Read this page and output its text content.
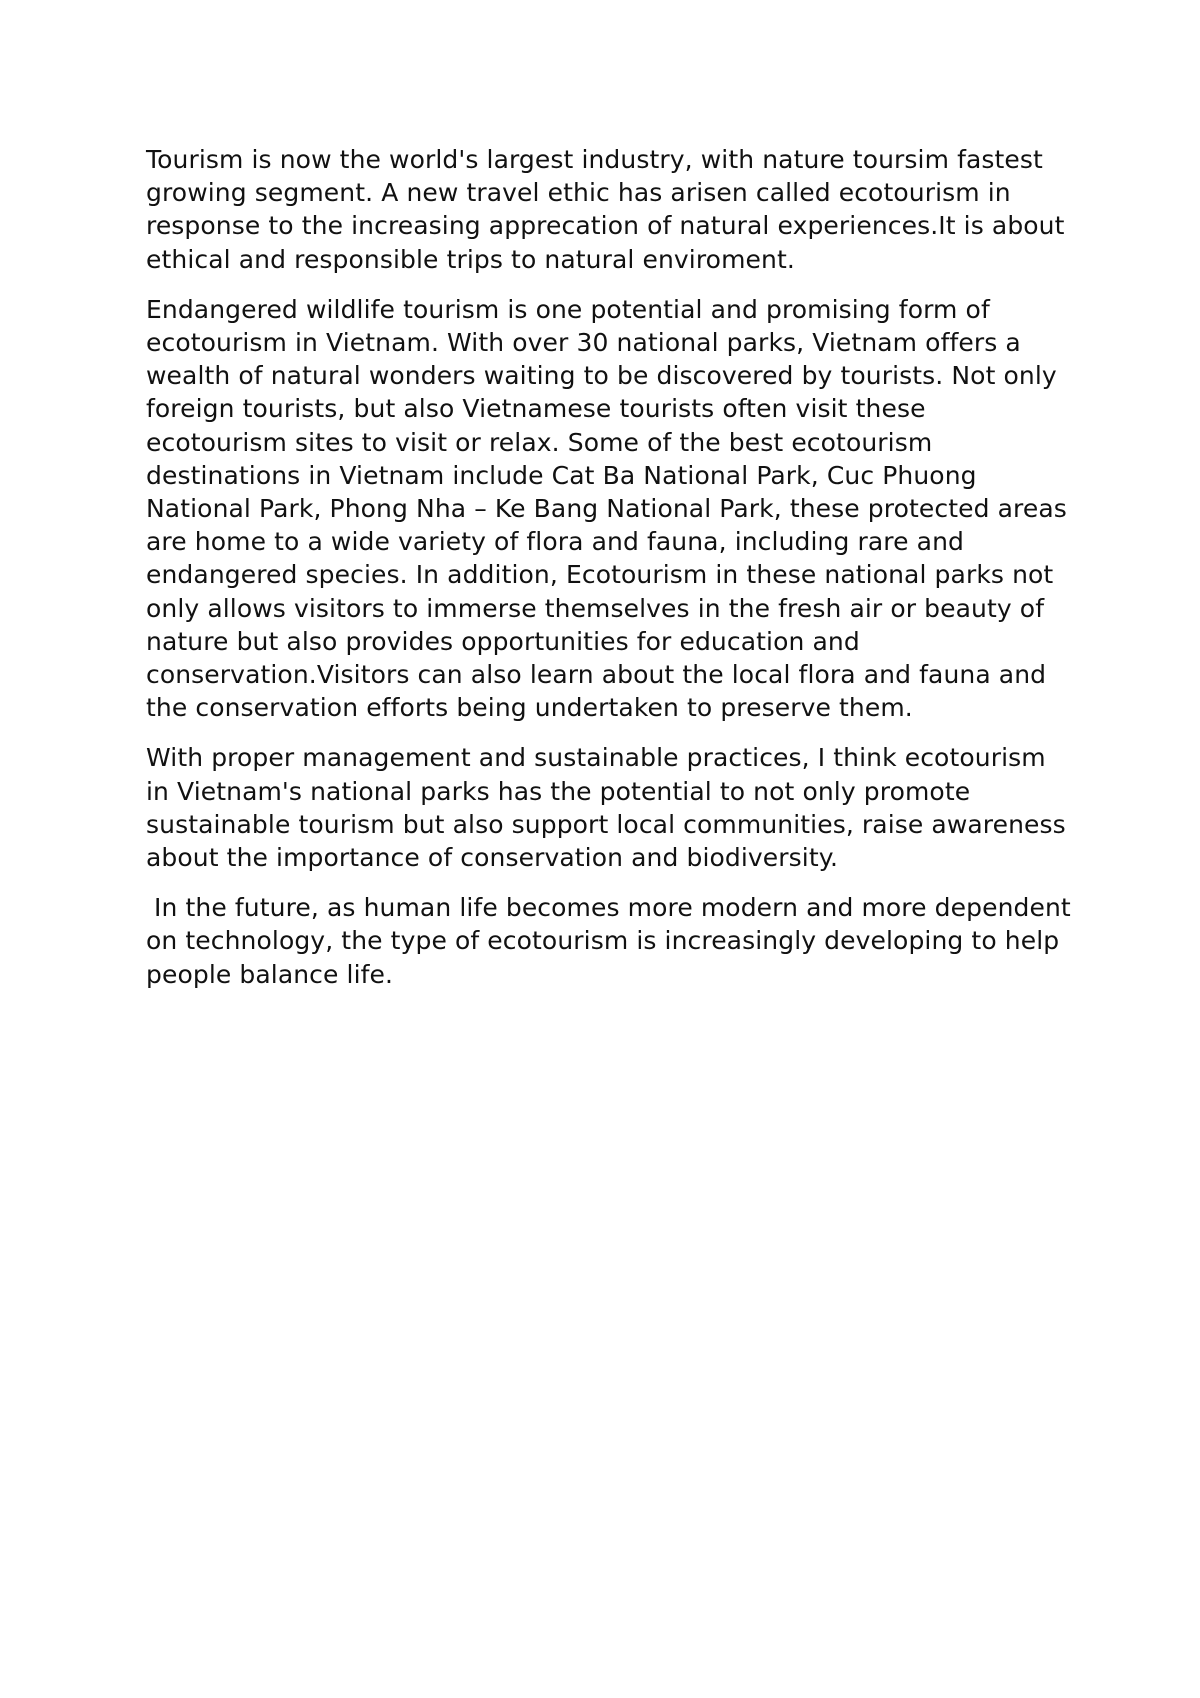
Tourism is now the world's largest industry, with nature toursim fastest growing segment. A new travel ethic has arisen called ecotourism in response to the increasing apprecation of natural experiences.It is about ethical and responsible trips to natural enviroment.

Endangered wildlife tourism is one potential and promising form of ecotourism in Vietnam. With over 30 national parks, Vietnam offers a wealth of natural wonders waiting to be discovered by tourists. Not only foreign tourists, but also Vietnamese tourists often visit these ecotourism sites to visit or relax. Some of the best ecotourism destinations in Vietnam include Cat Ba National Park, Cuc Phuong National Park, Phong Nha – Ke Bang National Park, these protected areas are home to a wide variety of flora and fauna, including rare and endangered species. In addition, Ecotourism in these national parks not only allows visitors to immerse themselves in the fresh air or beauty of nature but also provides opportunities for education and conservation.Visitors can also learn about the local flora and fauna and the conservation efforts being undertaken to preserve them.

With proper management and sustainable practices, I think ecotourism in Vietnam's national parks has the potential to not only promote sustainable tourism but also support local communities, raise awareness about the importance of conservation and biodiversity.

In the future, as human life becomes more modern and more dependent on technology, the type of ecotourism is increasingly developing to help people balance life.
